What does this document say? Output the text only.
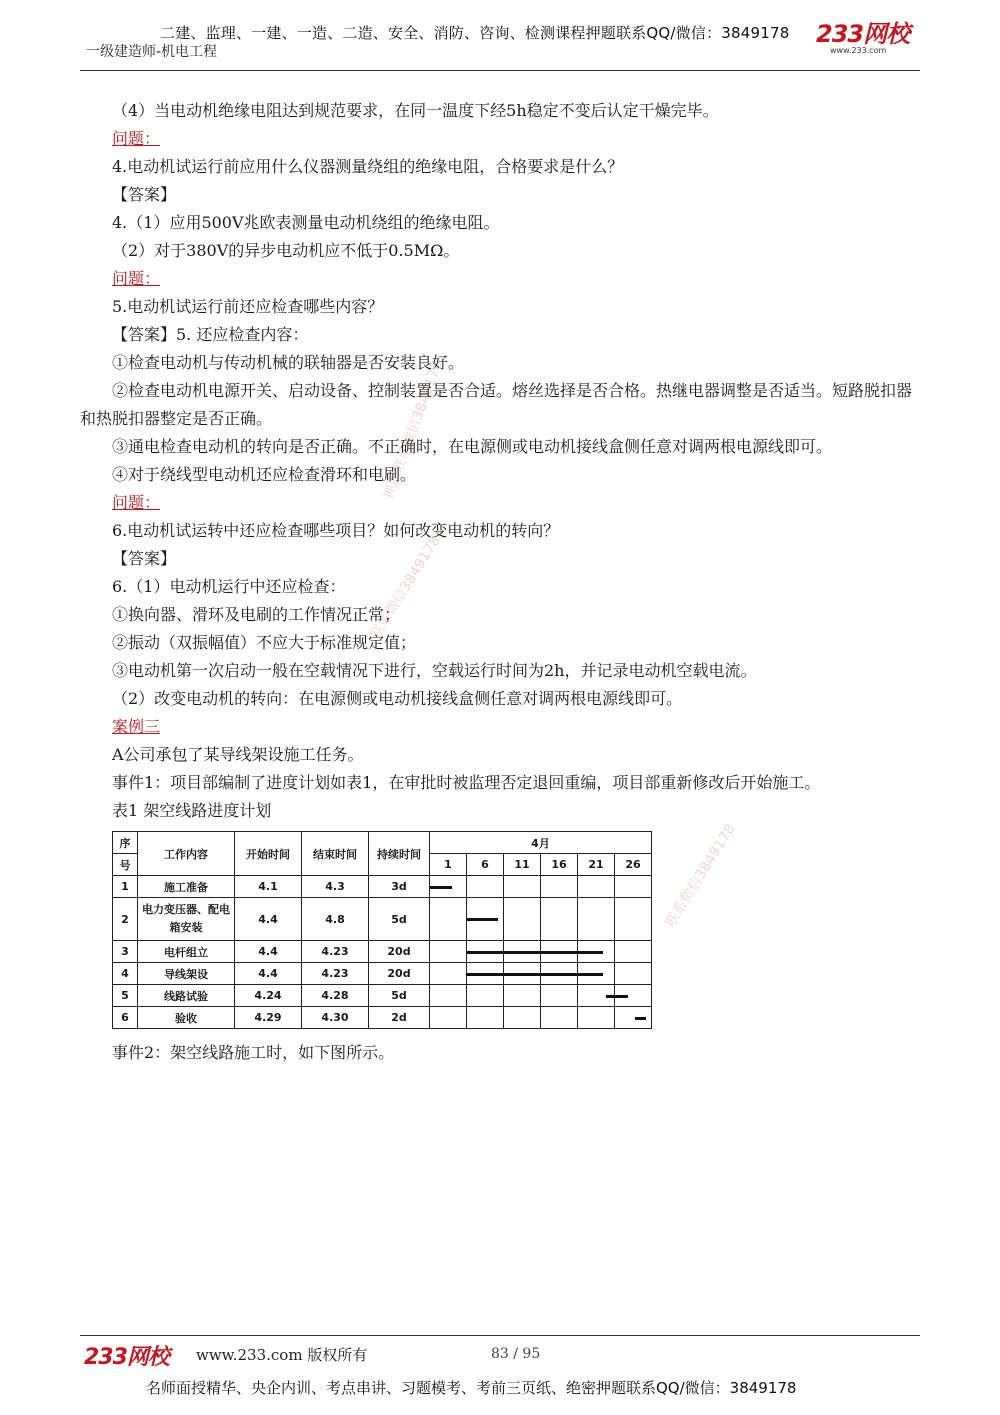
二建、监理、一建、一造、二造、安全、消防、咨询、检测课程押题联系QQ/微信：3849178
一级建造师-机电工程
233网校
www.233.com
（4）当电动机绝缘电阻达到规范要求，在同一温度下经5h稳定不变后认定干燥完毕。
问题：
4.电动机试运行前应用什么仪器测量绕组的绝缘电阻，合格要求是什么？
【答案】
4.（1）应用500V兆欧表测量电动机绕组的绝缘电阻。
（2）对于380V的异步电动机应不低于0.5MΩ。
问题：
5.电动机试运行前还应检查哪些内容？
【答案】5. 还应检查内容：
①检查电动机与传动机械的联轴器是否安装良好。
②检查电动机电源开关、启动设备、控制装置是否合适。熔丝选择是否合格。热继电器调整是否适当。短路脱扣器和热脱扣器整定是否正确。
③通电检查电动机的转向是否正确。不正确时，在电源侧或电动机接线盒侧任意对调两根电源线即可。
④对于绕线型电动机还应检查滑环和电刷。
问题：
6.电动机试运转中还应检查哪些项目？如何改变电动机的转向？
【答案】
6.（1）电动机运行中还应检查：
①换向器、滑环及电刷的工作情况正常；
②振动（双振幅值）不应大于标准规定值；
③电动机第一次启动一般在空载情况下进行，空载运行时间为2h，并记录电动机空载电流。
（2）改变电动机的转向：在电源侧或电动机接线盒侧任意对调两根电源线即可。
案例三
A公司承包了某导线架设施工任务。
事件1：项目部编制了进度计划如表1，在审批时被监理否定退回重编，项目部重新修改后开始施工。
表1 架空线路进度计划
序	工作内容	开始时间	结束时间	持续时间	4月					
号					1	6	11	16	21	26
1	施工准备	4.1	4.3	3d	

2	电力变压器、配电箱安装	4.4	4.8	5d	

3	电杆组立	4.4	4.23	20d	

4	导线架设	4.4	4.23	20d	

5	线路试验	4.24	4.28	5d	

6	验收	4.29	4.30	2d	

事件2：架空线路施工时，如下图所示。
联系微信3849178
联系微信3849178
押题联系微信3849178
233网校 www.233.com 版权所有	83 / 95
名师面授精华、央企内训、考点串讲、习题模考、考前三页纸、绝密押题联系QQ/微信：3849178
